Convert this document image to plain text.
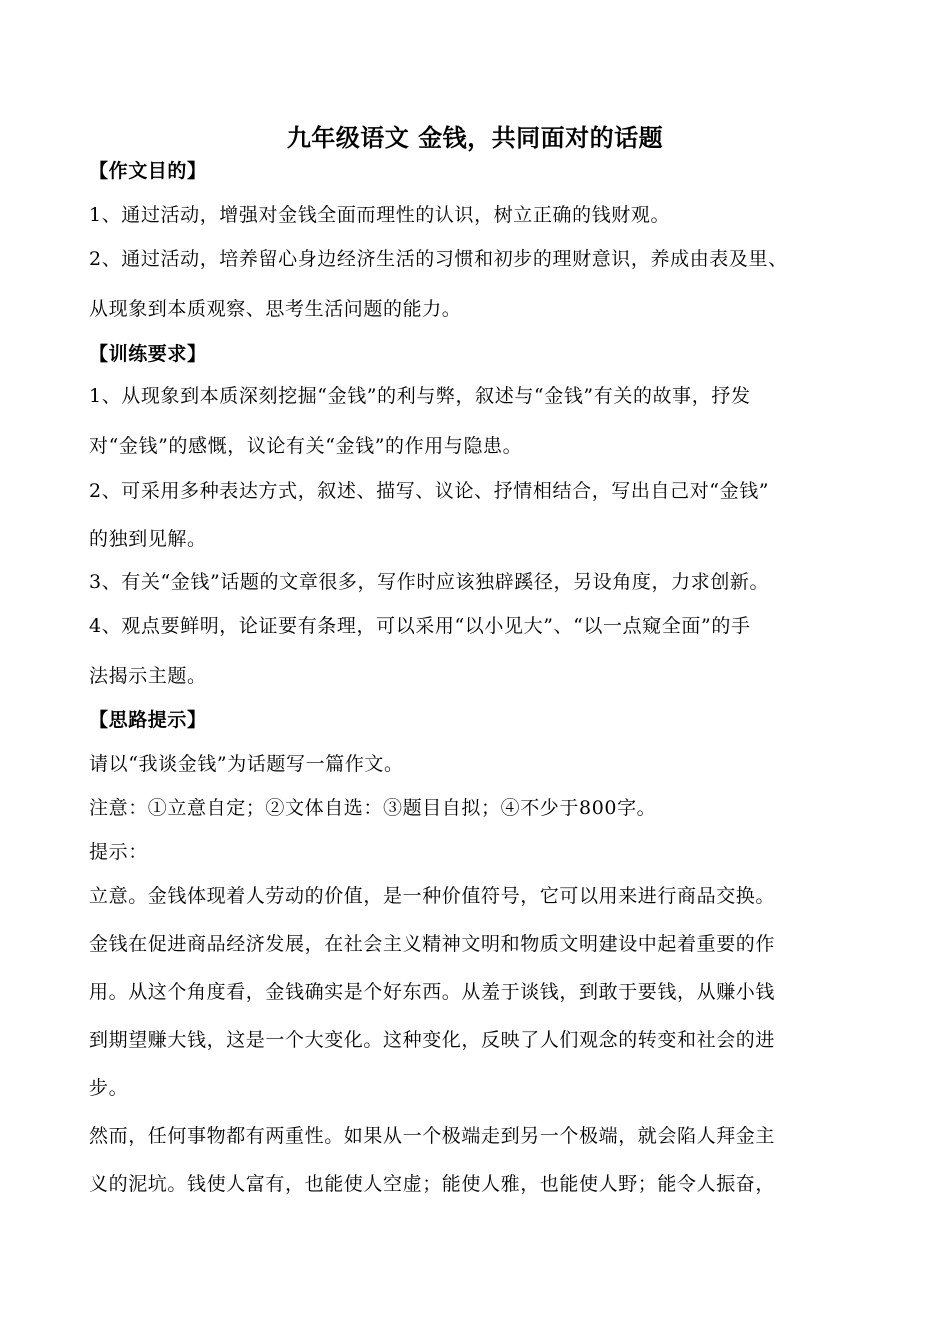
九年级语文 金钱，共同面对的话题
【作文目的】
1、通过活动，增强对金钱全面而理性的认识，树立正确的钱财观。
2、通过活动，培养留心身边经济生活的习惯和初步的理财意识，养成由表及里、
从现象到本质观察、思考生活问题的能力。
【训练要求】
1、从现象到本质深刻挖掘“金钱”的利与弊，叙述与“金钱”有关的故事，抒发
对“金钱”的感慨，议论有关“金钱”的作用与隐患。
2、可采用多种表达方式，叙述、描写、议论、抒情相结合，写出自己对“金钱”
的独到见解。
3、有关“金钱”话题的文章很多，写作时应该独辟蹊径，另设角度，力求创新。
4、观点要鲜明，论证要有条理，可以采用“以小见大”、“以一点窥全面”的手
法揭示主题。
【思路提示】
请以“我谈金钱”为话题写一篇作文。
注意：①立意自定；②文体自选：③题目自拟；④不少于800字。
提示：
立意。金钱体现着人劳动的价值，是一种价值符号，它可以用来进行商品交换。
金钱在促进商品经济发展，在社会主义精神文明和物质文明建设中起着重要的作
用。从这个角度看，金钱确实是个好东西。从羞于谈钱，到敢于要钱，从赚小钱
到期望赚大钱，这是一个大变化。这种变化，反映了人们观念的转变和社会的进
步。
然而，任何事物都有两重性。如果从一个极端走到另一个极端，就会陷人拜金主
义的泥坑。钱使人富有，也能使人空虚；能使人雅，也能使人野；能令人振奋，
